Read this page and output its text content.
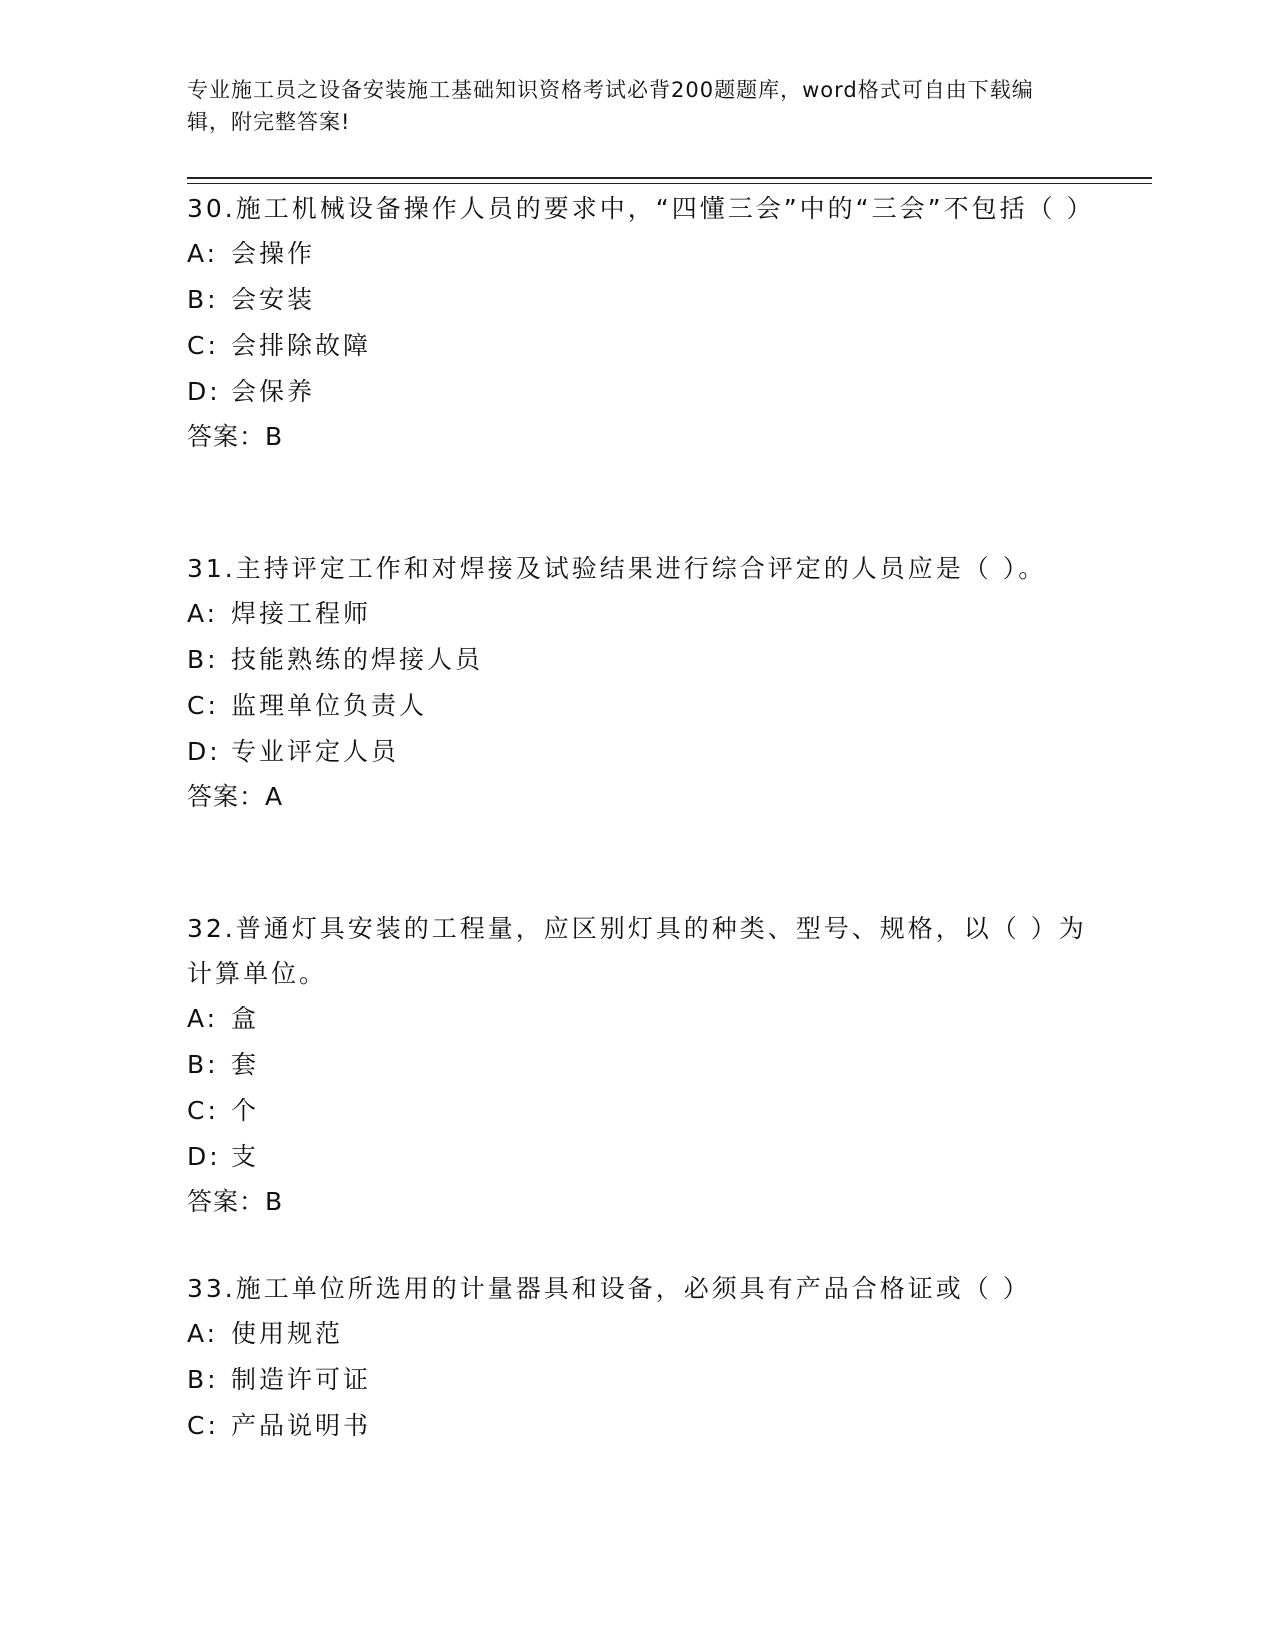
专业施工员之设备安装施工基础知识资格考试必背200题题库，word格式可自由下载编辑，附完整答案!

30.施工机械设备操作人员的要求中，“四懂三会”中的“三会”不包括（ ）

A: 会操作
B: 会安装
C: 会排除故障
D: 会保养
答案：B

31.主持评定工作和对焊接及试验结果进行综合评定的人员应是（ ）。

A: 焊接工程师
B: 技能熟练的焊接人员
C: 监理单位负责人
D: 专业评定人员
答案：A

32.普通灯具安装的工程量，应区别灯具的种类、型号、规格，以（ ）为计算单位。

A: 盒
B: 套
C: 个
D: 支
答案：B

33.施工单位所选用的计量器具和设备，必须具有产品合格证或（ ）

A: 使用规范
B: 制造许可证
C: 产品说明书
